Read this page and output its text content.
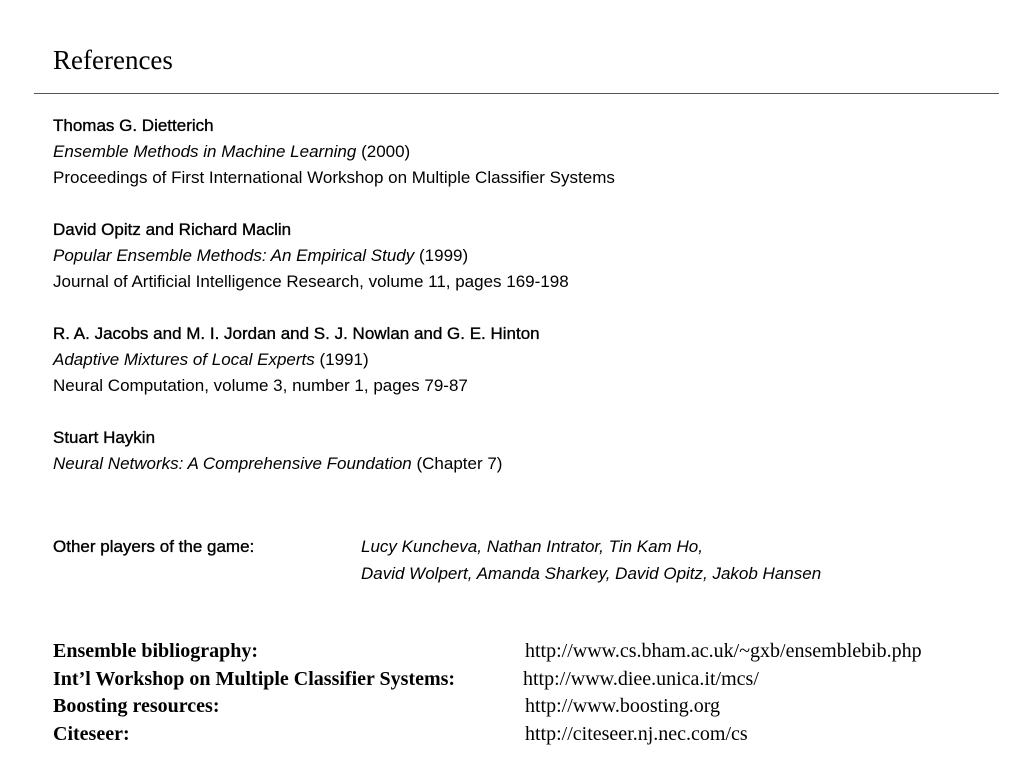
References
Thomas G. Dietterich
Ensemble Methods in Machine Learning (2000)
Proceedings of First International Workshop on Multiple Classifier Systems
David Opitz and Richard Maclin
Popular Ensemble Methods: An Empirical Study (1999)
Journal of Artificial Intelligence Research, volume 11, pages 169-198
R. A. Jacobs and M. I. Jordan and S. J. Nowlan and G. E. Hinton
Adaptive Mixtures of Local Experts (1991)
Neural Computation, volume 3, number 1, pages 79-87
Stuart Haykin
Neural Networks: A Comprehensive Foundation (Chapter 7)
Other players of the game:	Lucy Kuncheva, Nathan Intrator, Tin Kam Ho,
David Wolpert, Amanda Sharkey, David Opitz, Jakob Hansen
Ensemble bibliography:	http://www.cs.bham.ac.uk/~gxb/ensemblebib.php
Int’l Workshop on Multiple Classifier Systems:	http://www.diee.unica.it/mcs/
Boosting resources:	http://www.boosting.org
Citeseer:	http://citeseer.nj.nec.com/cs
